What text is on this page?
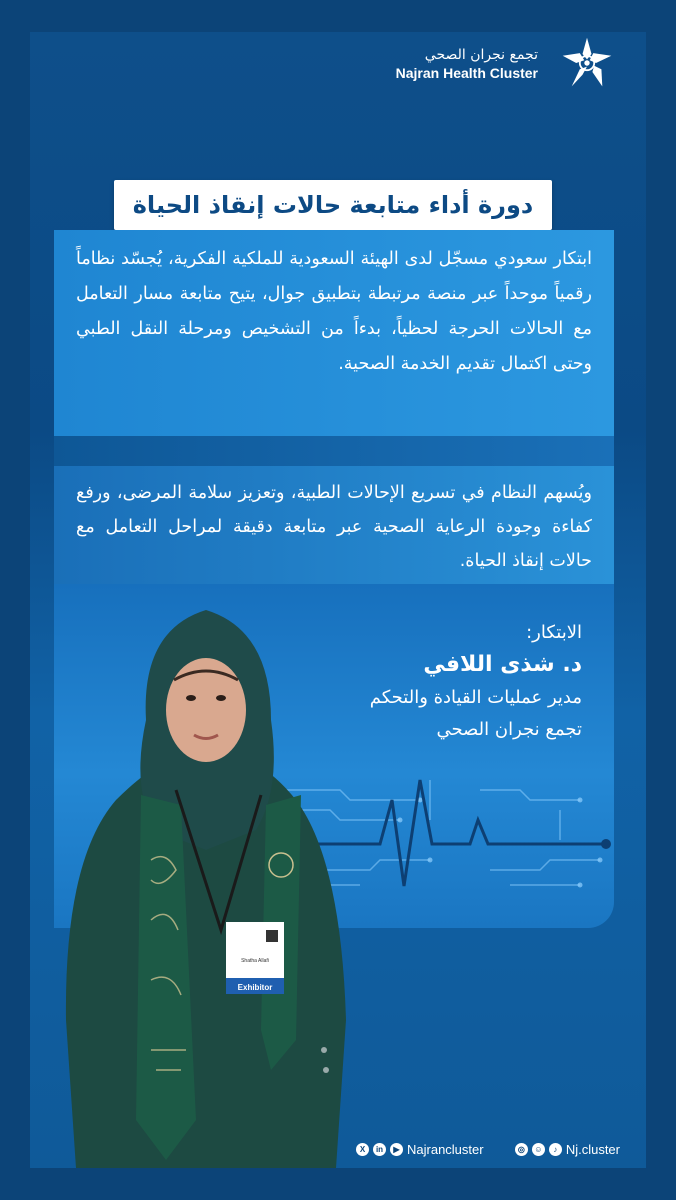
تجمع نجران الصحي
Najran Health Cluster
دورة أداء متابعة حالات إنقاذ الحياة

ابتكار سعودي مسجّل لدى الهيئة السعودية للملكية الفكرية، يُجسّد نظاماً رقمياً موحداً عبر منصة مرتبطة بتطبيق جوال، يتيح متابعة مسار التعامل مع الحالات الحرجة لحظياً، بدءاً من التشخيص ومرحلة النقل الطبي وحتى اكتمال تقديم الخدمة الصحية.

ويُسهم النظام في تسريع الإحالات الطبية، وتعزيز سلامة المرضى، ورفع كفاءة وجودة الرعاية الصحية عبر متابعة دقيقة لمراحل التعامل مع حالات إنقاذ الحياة.

الابتكار:
د. شذى اللافي
مدير عمليات القيادة والتحكم
تجمع نجران الصحي
Shatha Allafi
Exhibitor
X	in	▶ Najrancluster	◎	☺	♪ Nj.cluster
